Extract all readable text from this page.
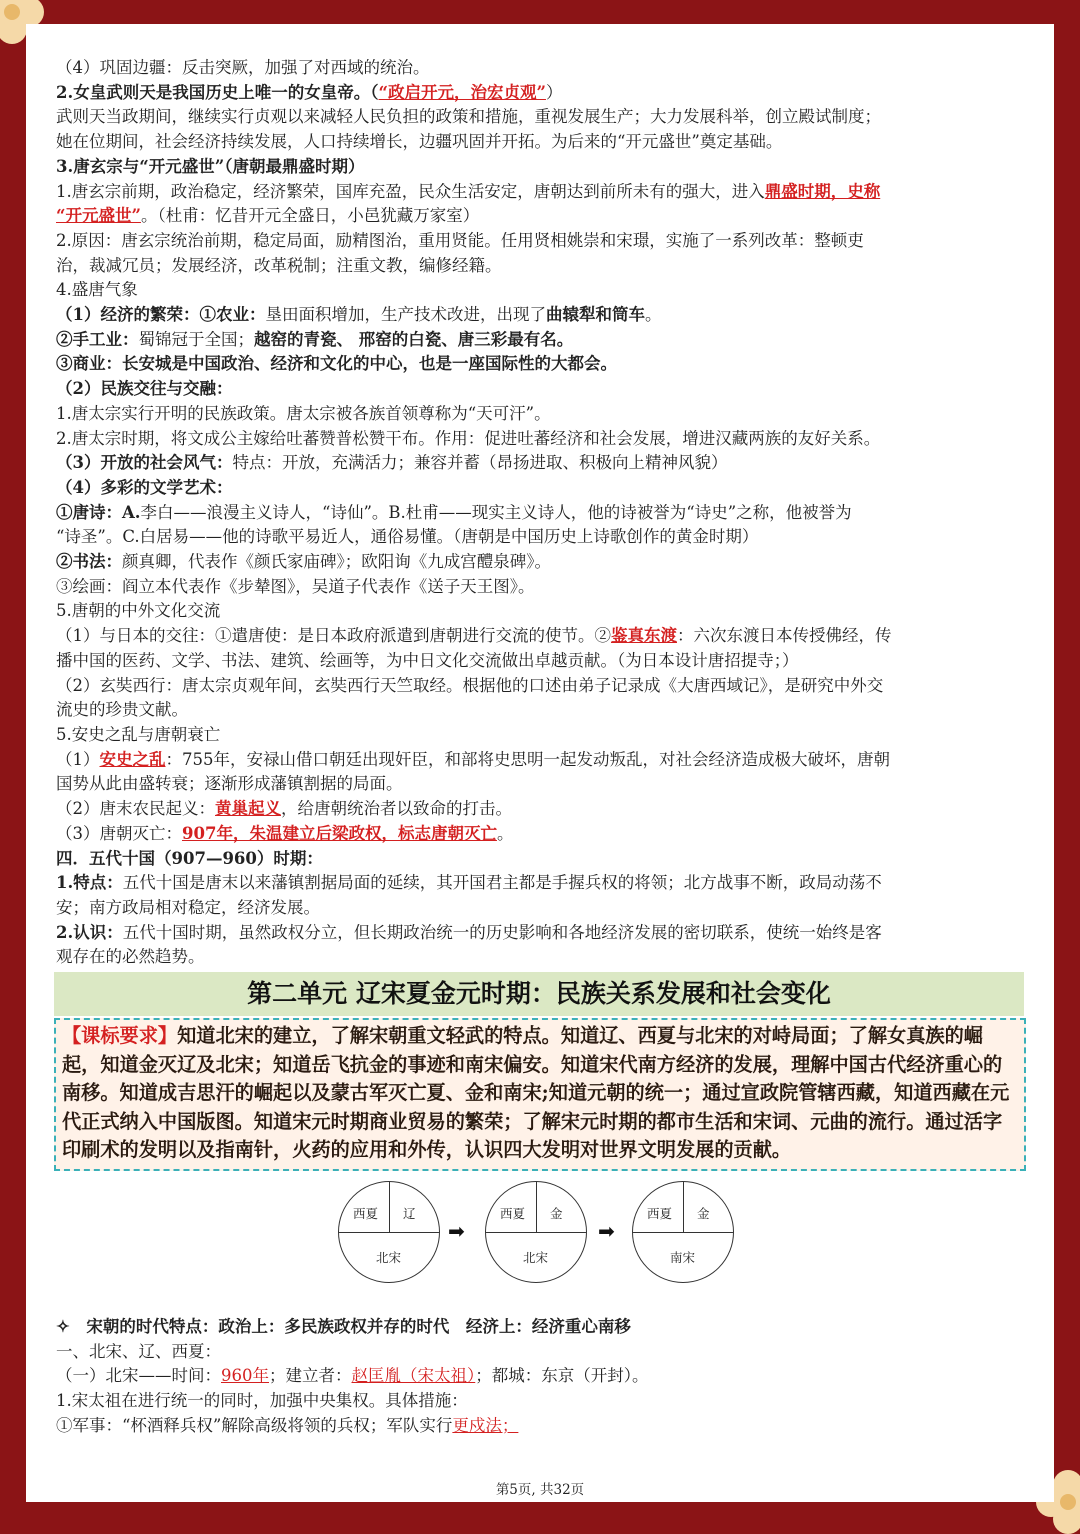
（4）巩固边疆：反击突厥，加强了对西域的统治。

2.女皇武则天是我国历史上唯一的女皇帝。（“政启开元，治宏贞观”）

武则天当政期间，继续实行贞观以来减轻人民负担的政策和措施，重视发展生产；大力发展科举，创立殿试制度；

她在位期间，社会经济持续发展，人口持续增长，边疆巩固并开拓。为后来的“开元盛世”奠定基础。

3.唐玄宗与“开元盛世”（唐朝最鼎盛时期）

1.唐玄宗前期，政治稳定，经济繁荣，国库充盈，民众生活安定，唐朝达到前所未有的强大，进入鼎盛时期，史称

“开元盛世”。（杜甫：忆昔开元全盛日，小邑犹藏万家室）

2.原因：唐玄宗统治前期，稳定局面，励精图治，重用贤能。任用贤相姚崇和宋璟，实施了一系列改革：整顿吏

治，裁减冗员；发展经济，改革税制；注重文教，编修经籍。

4.盛唐气象

（1）经济的繁荣：①农业：垦田面积增加，生产技术改进，出现了曲辕犁和筒车。

②手工业：蜀锦冠于全国；越窑的青瓷、 邢窑的白瓷、唐三彩最有名。

③商业：长安城是中国政治、经济和文化的中心，也是一座国际性的大都会。

（2）民族交往与交融：

1.唐太宗实行开明的民族政策。唐太宗被各族首领尊称为“天可汗”。

2.唐太宗时期，将文成公主嫁给吐蕃赞普松赞干布。作用：促进吐蕃经济和社会发展，增进汉藏两族的友好关系。

（3）开放的社会风气：特点：开放，充满活力；兼容并蓄（昂扬进取、积极向上精神风貌）

（4）多彩的文学艺术：

①唐诗：A.李白——浪漫主义诗人，“诗仙”。B.杜甫——现实主义诗人，他的诗被誉为“诗史”之称，他被誉为

“诗圣”。C.白居易——他的诗歌平易近人，通俗易懂。（唐朝是中国历史上诗歌创作的黄金时期）

②书法：颜真卿，代表作《颜氏家庙碑》；欧阳询《九成宫醴泉碑》。

③绘画：阎立本代表作《步辇图》，吴道子代表作《送子天王图》。

5.唐朝的中外文化交流

（1）与日本的交往：①遣唐使：是日本政府派遣到唐朝进行交流的使节。②鉴真东渡：六次东渡日本传授佛经，传

播中国的医药、文学、书法、建筑、绘画等，为中日文化交流做出卓越贡献。（为日本设计唐招提寺；）

（2）玄奘西行：唐太宗贞观年间，玄奘西行天竺取经。根据他的口述由弟子记录成《大唐西域记》，是研究中外交

流史的珍贵文献。

5.安史之乱与唐朝衰亡

（1）安史之乱：755年，安禄山借口朝廷出现奸臣，和部将史思明一起发动叛乱，对社会经济造成极大破坏，唐朝

国势从此由盛转衰；逐渐形成藩镇割据的局面。

（2）唐末农民起义：黄巢起义，给唐朝统治者以致命的打击。

（3）唐朝灭亡：907年，朱温建立后梁政权，标志唐朝灭亡。

四．五代十国（907—960）时期：

1.特点：五代十国是唐末以来藩镇割据局面的延续，其开国君主都是手握兵权的将领；北方战事不断，政局动荡不

安；南方政局相对稳定，经济发展。

2.认识：五代十国时期，虽然政权分立，但长期政治统一的历史影响和各地经济发展的密切联系，使统一始终是客

观存在的必然趋势。

第二单元 辽宋夏金元时期：民族关系发展和社会变化
【课标要求】知道北宋的建立，了解宋朝重文轻武的特点。知道辽、西夏与北宋的对峙局面；了解女真族的崛起，知道金灭辽及北宋；知道岳飞抗金的事迹和南宋偏安。知道宋代南方经济的发展，理解中国古代经济重心的南移。知道成吉思汗的崛起以及蒙古军灭亡夏、金和南宋;知道元朝的统一；通过宣政院管辖西藏，知道西藏在元代正式纳入中国版图。知道宋元时期商业贸易的繁荣；了解宋元时期的都市生活和宋词、元曲的流行。通过活字印刷术的发明以及指南针，火药的应用和外传，认识四大发明对世界文明发展的贡献。
西夏 辽
北宋
➡
西夏 金
北宋
➡
西夏 金
南宋

✧　宋朝的时代特点：政治上：多民族政权并存的时代　经济上：经济重心南移

一、北宋、辽、西夏：

（一）北宋——时间：960年；建立者：赵匡胤（宋太祖）；都城：东京（开封）。

1.宋太祖在进行统一的同时，加强中央集权。具体措施：

①军事：“杯酒释兵权”解除高级将领的兵权；军队实行更戍法；

第5页, 共32页
